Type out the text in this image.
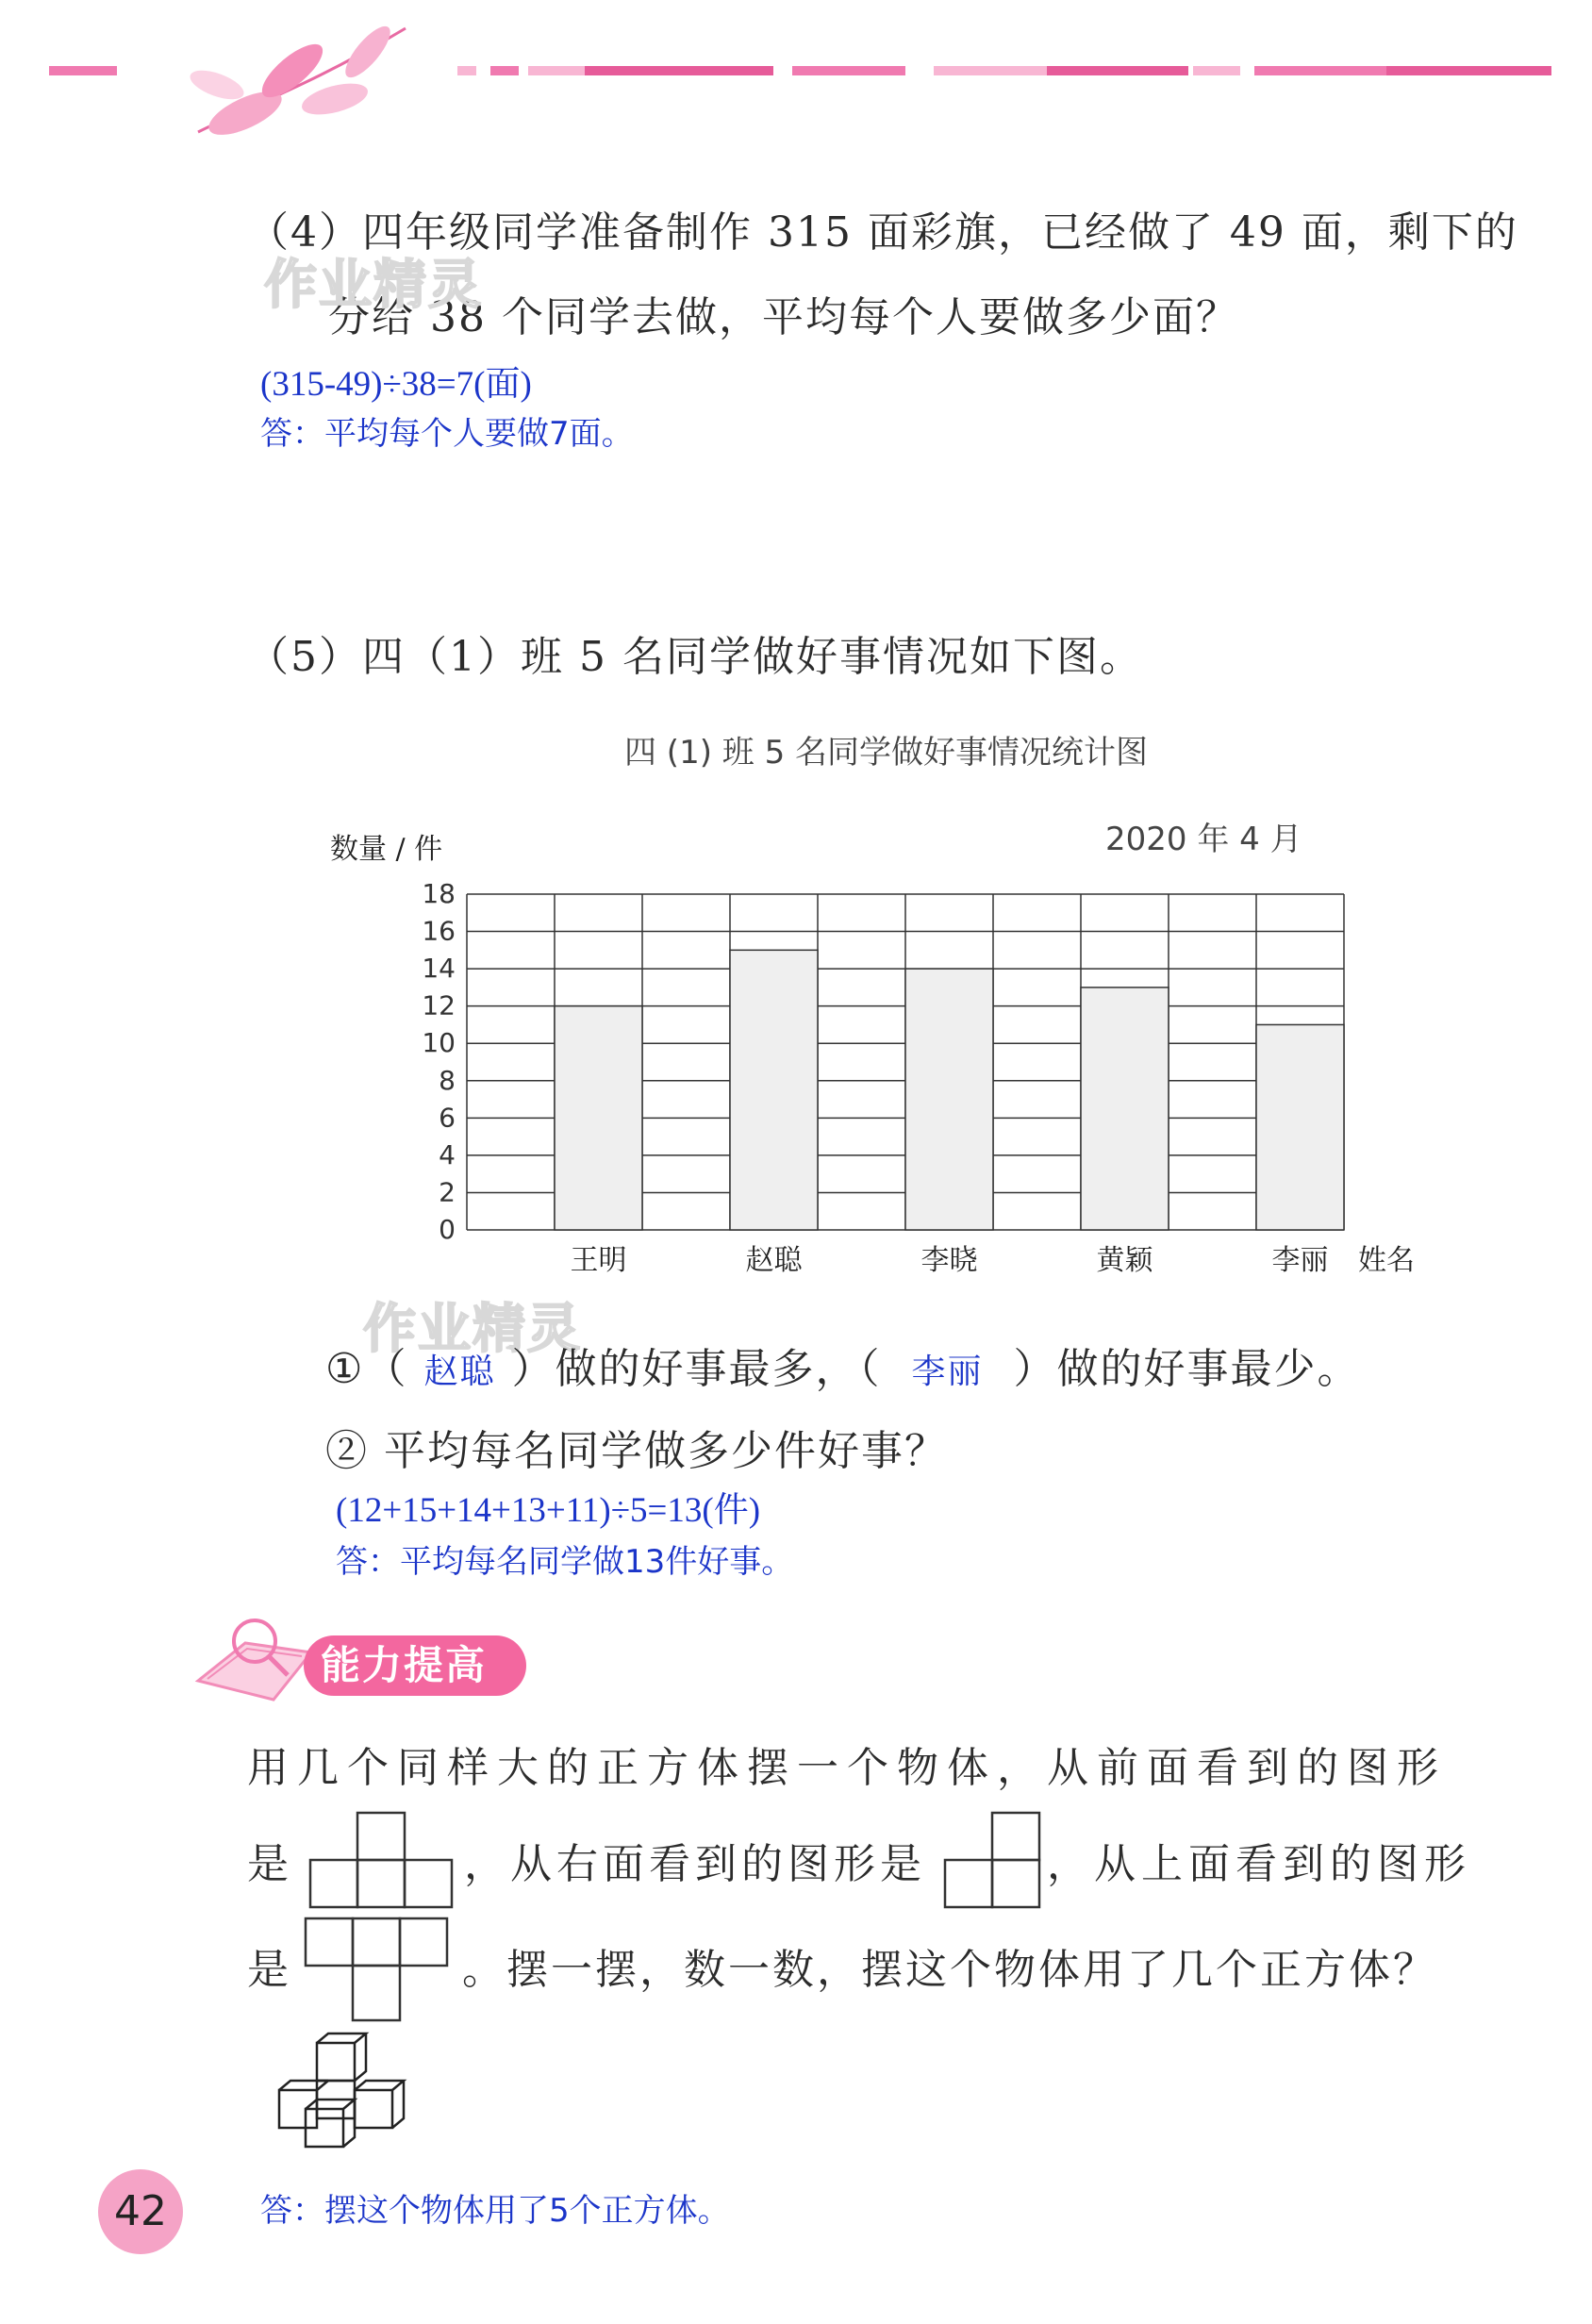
（4）四年级同学准备制作 315 面彩旗，已经做了 49 面，剩下的
分给 38 个同学去做，平均每个人要做多少面？
作业精灵
(315-49)÷38=7(面)
答：平均每个人要做7面。
（5）四（1）班 5 名同学做好事情况如下图。
四 (1) 班 5 名同学做好事情况统计图
2020 年 4 月
0
2
4
6
8
10
12
14
16
18
王明	赵聪	李晓	黄颖	李丽
数量 / 件
姓名
作业精灵
①（ 赵聪 ）做的好事最多，（ 李丽 ）做的好事最少。
② 平均每名同学做多少件好事？
(12+15+14+13+11)÷5=13(件)
答：平均每名同学做13件好事。
能力提高
用几个同样大的正方体摆一个物体，从前面看到的图形
是	，从右面看到的图形是	，从上面看到的图形
是	。摆一摆，数一数，摆这个物体用了几个正方体？
答：摆这个物体用了5个正方体。
42
